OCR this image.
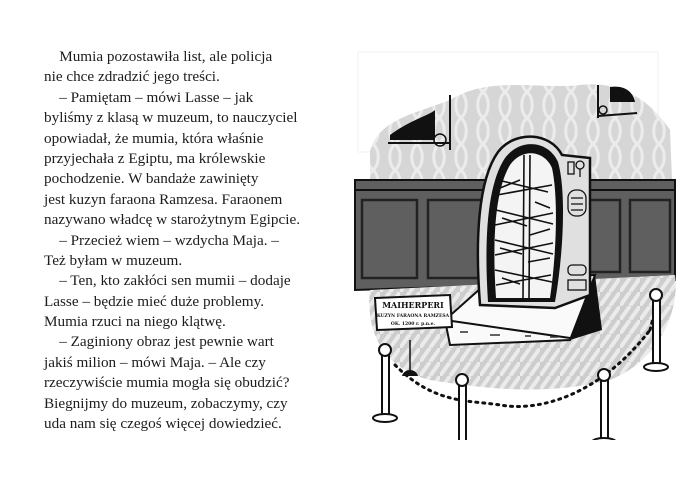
 Mumia pozostawiła list, ale policja
nie chce zdradzić jego treści.
 – Pamiętam – mówi Lasse – jak
byliśmy z klasą w muzeum, to nauczyciel
opowiadał, że mumia, która właśnie
przyjechała z Egiptu, ma królewskie
pochodzenie. W bandaże zawinięty
jest kuzyn faraona Ramzesa. Faraonem
nazywano władcę w starożytnym Egipcie.
 – Przecież wiem – wzdycha Maja. –
Też byłam w muzeum.
 – Ten, kto zakłóci sen mumii – dodaje
Lasse – będzie mieć duże problemy.
Mumia rzuci na niego klątwę.
 – Zaginiony obraz jest pewnie wart
jakiś milion – mówi Maja. – Ale czy
rzeczywiście mumia mogła się obudzić?
Biegnijmy do muzeum, zobaczymy, czy
uda nam się czegoś więcej dowiedzieć.
MAIHERPERI
KUZYN FARAONA RAMZESA
OK. 1200 r. p.n.e.
